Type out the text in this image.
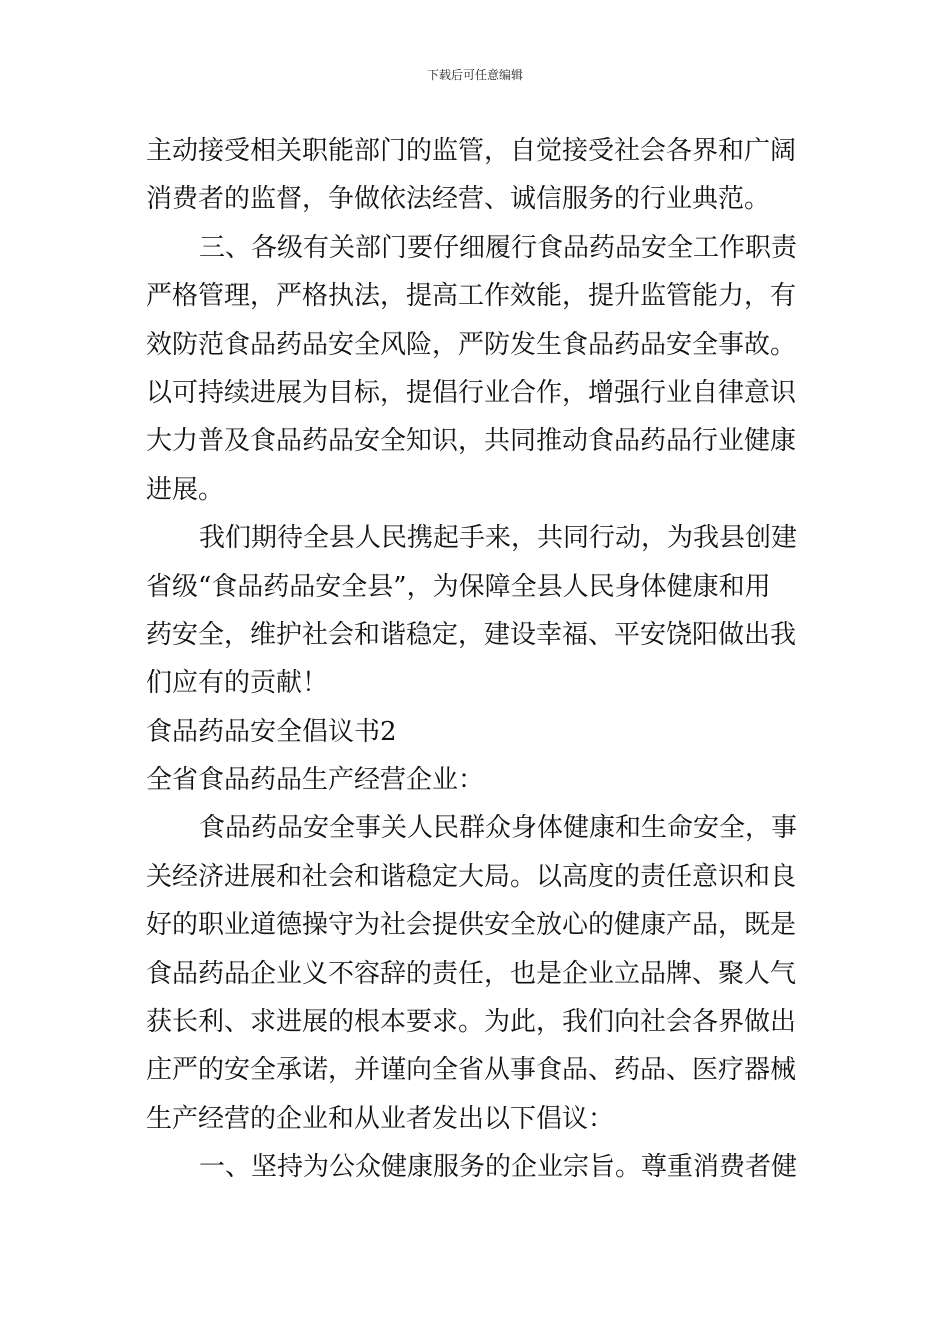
下载后可任意编辑
主动接受相关职能部门的监管，自觉接受社会各界和广阔
消费者的监督，争做依法经营、诚信服务的行业典范。
三、各级有关部门要仔细履行食品药品安全工作职责
严格管理，严格执法，提高工作效能，提升监管能力，有
效防范食品药品安全风险，严防发生食品药品安全事故。
以可持续进展为目标，提倡行业合作，增强行业自律意识
大力普及食品药品安全知识，共同推动食品药品行业健康
进展。
我们期待全县人民携起手来，共同行动，为我县创建
省级“食品药品安全县”，为保障全县人民身体健康和用
药安全，维护社会和谐稳定，建设幸福、平安饶阳做出我
们应有的贡献！
食品药品安全倡议书2
全省食品药品生产经营企业：
食品药品安全事关人民群众身体健康和生命安全，事
关经济进展和社会和谐稳定大局。以高度的责任意识和良
好的职业道德操守为社会提供安全放心的健康产品，既是
食品药品企业义不容辞的责任，也是企业立品牌、聚人气
获长利、求进展的根本要求。为此，我们向社会各界做出
庄严的安全承诺，并谨向全省从事食品、药品、医疗器械
生产经营的企业和从业者发出以下倡议：
一、坚持为公众健康服务的企业宗旨。尊重消费者健
